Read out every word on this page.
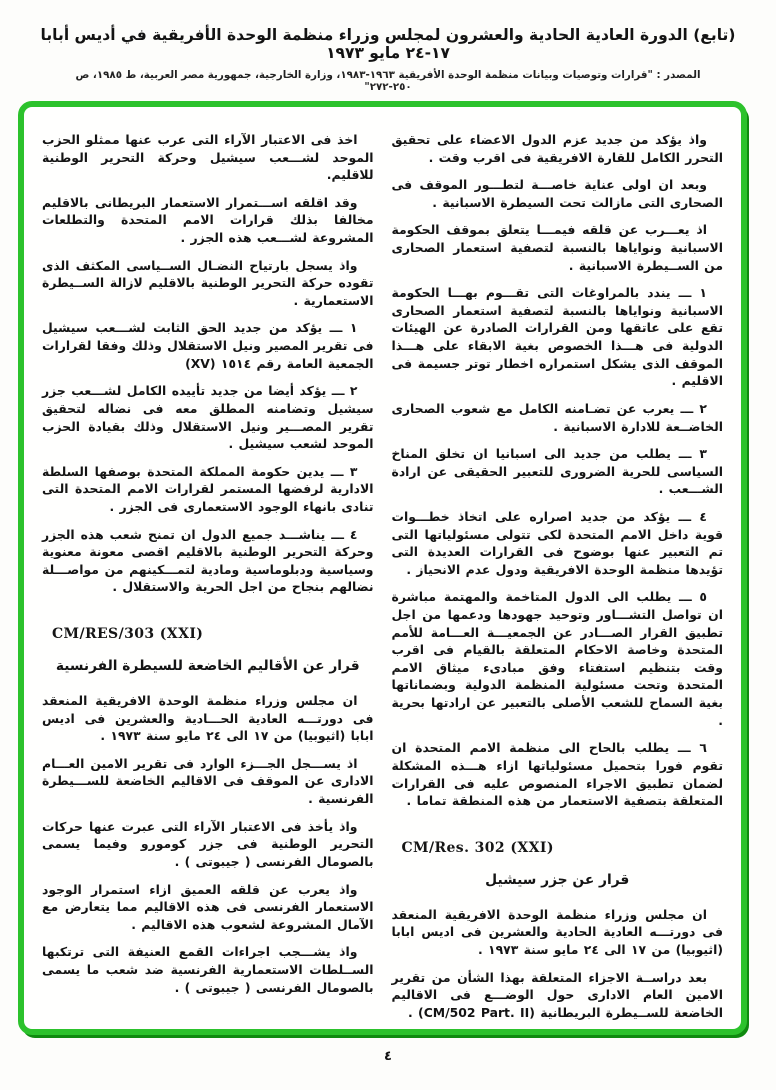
(تابع) الدورة العادية الحادية والعشرون لمجلس وزراء منظمة الوحدة الأفريقية في أديس أبابا ١٧-٢٤ مايو ١٩٧٣
المصدر : "قرارات وتوصيات وبيانات منظمة الوحدة الأفريقية ١٩٦٣-١٩٨٣، وزارة الخارجية، جمهورية مصر العربية، ط ١٩٨٥، ص ٢٥٠-٢٧٢"
واذ يؤكد من جديد عزم الدول الاعضاء على تحقيق التحرر الكامل للقارة الافريقية فى اقرب وقت .
وبعد ان اولى عناية خاصـــة لتطـــور الموقف فى الصحارى التى مازالت تحت السيطرة الاسبانية .
اذ يعـــرب عن قلقه فيمـــا يتعلق بموقف الحكومة الاسبانية ونواياها بالنسبة لتصفية استعمار الصحارى من الســيطرة الاسبانية .
١ ـــ يندد بالمراوغات التى تقـــوم بهـــا الحكومة الاسبانية ونواياها بالنسبة لتصفية استعمار الصحارى تقع على عاتقها ومن القرارات الصادرة عن الهيئات الدولية فى هـــذا الخصوص بغية الابقاء على هـــذا الموقف الذى يشكل استمراره اخطار توتر جسيمة فى الاقليم .
٢ ـــ يعرب عن تضـامنه الكامل مع شعوب الصحارى الخاضــعة للادارة الاسبانية .
٣ ـــ يطلب من جديد الى اسبانيا ان تخلق المناخ السياسى للحرية الضرورى للتعبير الحقيقى عن ارادة الشـــعب .
٤ ـــ يؤكد من جديد اصراره على اتخاذ خطـــوات قوية داخل الامم المتحدة لكى تتولى مسئولياتها التى تم التعبير عنها بوضوح فى القرارات العديدة التى تؤيدها منظمة الوحدة الافريقية ودول عدم الانحياز .
٥ ـــ يطلب الى الدول المتاخمة والمهتمة مباشرة ان تواصل التشـــاور وتوحيد جهودها ودعمها من اجل تطبيق القرار الصـــادر عن الجمعيـــة العـــامة للأمم المتحدة وخاصة الاحكام المتعلقة بالقيام فى اقرب وقت بتنظيم استفتاء وفق مبادىء ميثاق الامم المتحدة وتحت مسئولية المنظمة الدولية وبضماناتها بغية السماح للشعب الأصلى بالتعبير عن ارادتها بحرية .
٦ ـــ يطلب بالحاح الى منظمة الامم المتحدة ان تقوم فورا بتحميل مسئولياتها ازاء هـــذه المشكلة لضمان تطبيق الاجراء المنصوص عليه فى القرارات المتعلقة بتصفية الاستعمار من هذه المنطقة تماما .
CM/Res. 302 (XXI)
قرار عن جزر سيشيل
ان مجلس وزراء منظمة الوحدة الافريقية المنعقد فى دورتـــه العادية الحادية والعشرين فى اديس ابابا (اثيوبيا) من ١٧ الى ٢٤ مايو سنة ١٩٧٣ .
بعد دراســة الاجزاء المتعلقة بهذا الشأن من تقرير الامين العام الادارى حول الوضـــع فى الاقاليم الخاضعة للســيطرة البريطانية (CM/502 Part. II) .
اخذ فى الاعتبار الآراء التى عرب عنها ممثلو الحزب الموحد لشـــعب سيشيل وحركة التحرير الوطنية للاقليم.
وقد اقلقه اســـتمرار الاستعمار البريطانى بالاقليم مخالفا بذلك قرارات الامم المتحدة والتطلعات المشروعة لشـــعب هذه الجزر .
واذ يسجل بارتياح النضـال الســياسى المكثف الذى تقوده حركة التحرير الوطنية بالاقليم لازالة الســيطرة الاستعمارية .
١ ـــ يؤكد من جديد الحق الثابت لشـــعب سيشيل فى تقرير المصير ونيل الاستقلال وذلك وفقا لقرارات الجمعية العامة رقم ١٥١٤ (XV)
٢ ـــ يؤكد أيضا من جديد تأييده الكامل لشـــعب جزر سيشيل وتضامنه المطلق معه فى نضاله لتحقيق تقرير المصـــير ونيل الاستقلال وذلك بقيادة الحزب الموحد لشعب سيشيل .
٣ ـــ يدين حكومة المملكة المتحدة بوصفها السلطة الادارية لرفضها المستمر لقرارات الامم المتحدة التى تنادى بانهاء الوجود الاستعمارى فى الجزر .
٤ ـــ يناشـــد جميع الدول ان تمنح شعب هذه الجزر وحركة التحرير الوطنية بالاقليم اقصى معونة معنوية وسياسية ودبلوماسية ومادية لتمـــكينهم من مواصـــلة نضالهم بنجاح من اجل الحرية والاستقلال .
CM/RES/303 (XXI)
قرار عن الأقاليم الخاضعة للسيطرة الفرنسية
ان مجلس وزراء منظمة الوحدة الافريقية المنعقد فى دورتـــه العادية الحـــادية والعشرين فى اديس ابابا (اثيوبيا) من ١٧ الى ٢٤ مايو سنة ١٩٧٣ .
اذ يســـجل الجـــزء الوارد فى تقرير الامين العـــام الادارى عن الموقف فى الاقاليم الخاضعة للســـيطرة الفرنسية .
واذ يأخذ فى الاعتبار الآراء التى عبرت عنها حركات التحرير الوطنية فى جزر كومورو وفيما يسمى بالصومال الفرنسى ( جيبوتى ) .
واذ يعرب عن قلقه العميق ازاء استمرار الوجود الاستعمار الفرنسى فى هذه الاقاليم مما يتعارض مع الآمال المشروعة لشعوب هذه الاقاليم .
واذ يشـــجب اجراءات القمع العنيفة التى ترتكبها الســلطات الاستعمارية الفرنسية ضد شعب ما يسمى بالصومال الفرنسى ( جيبوتى ) .
٤
